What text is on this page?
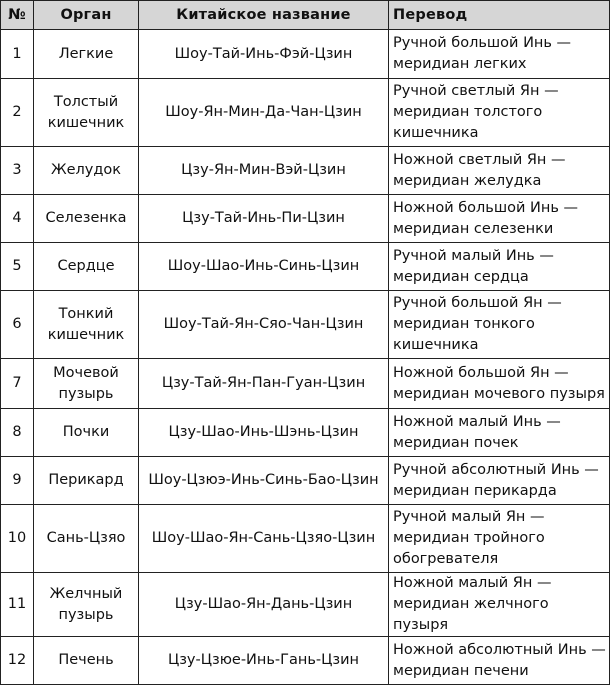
№	Орган	Китайское название	Перевод
1	Легкие	Шоу-Тай-Инь-Фэй-Цзин	Ручной большой Инь —
меридиан легких

2	Толстый
кишечник	Шоу-Ян-Мин-Да-Чан-Цзин	Ручной светлый Ян —
меридиан толстого
кишечника

3	Желудок	Цзу-Ян-Мин-Вэй-Цзин	Ножной светлый Ян —
меридиан желудка

4	Селезенка	Цзу-Тай-Инь-Пи-Цзин	Ножной большой Инь —
меридиан селезенки

5	Сердце	Шоу-Шао-Инь-Синь-Цзин	Ручной малый Инь —
меридиан сердца

6	Тонкий
кишечник	Шоу-Тай-Ян-Сяо-Чан-Цзин	Ручной большой Ян —
меридиан тонкого
кишечника

7	Мочевой
пузырь	Цзу-Тай-Ян-Пан-Гуан-Цзин	Ножной большой Ян —
меридиан мочевого пузыря

8	Почки	Цзу-Шао-Инь-Шэнь-Цзин	Ножной малый Инь —
меридиан почек

9	Перикард	Шоу-Цзюэ-Инь-Синь-Бао-Цзин	Ручной абсолютный Инь —
меридиан перикарда

10	Сань-Цзяо	Шоу-Шао-Ян-Сань-Цзяо-Цзин	Ручной малый Ян —
меридиан тройного
обогревателя

11	Желчный
пузырь	Цзу-Шао-Ян-Дань-Цзин	Ножной малый Ян —
меридиан желчного пузыря

12	Печень	Цзу-Цзюе-Инь-Гань-Цзин	Ножной абсолютный Инь —
меридиан печени
